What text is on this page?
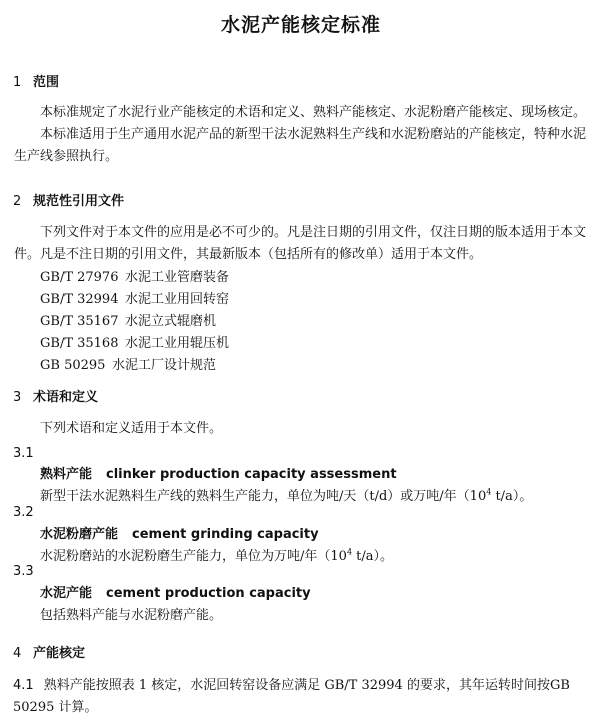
水泥产能核定标准
1 范围
本标准规定了水泥行业产能核定的术语和定义、熟料产能核定、水泥粉磨产能核定、现场核定。
本标准适用于生产通用水泥产品的新型干法水泥熟料生产线和水泥粉磨站的产能核定，特种水泥生产线参照执行。
2 规范性引用文件
下列文件对于本文件的应用是必不可少的。凡是注日期的引用文件，仅注日期的版本适用于本文件。凡是不注日期的引用文件，其最新版本（包括所有的修改单）适用于本文件。
GB/T 27976 水泥工业管磨装备
GB/T 32994 水泥工业用回转窑
GB/T 35167 水泥立式辊磨机
GB/T 35168 水泥工业用辊压机
GB 50295 水泥工厂设计规范
3 术语和定义
下列术语和定义适用于本文件。
3.1
熟料产能 clinker production capacity assessment
新型干法水泥熟料生产线的熟料生产能力，单位为吨/天（t/d）或万吨/年（$10^4$ t/a）。
3.2
水泥粉磨产能 cement grinding capacity
水泥粉磨站的水泥粉磨生产能力，单位为万吨/年（$10^4$ t/a）。
3.3
水泥产能 cement production capacity
包括熟料产能与水泥粉磨产能。
4 产能核定
4.1 熟料产能按照表 1 核定，水泥回转窑设备应满足 GB/T 32994 的要求，其年运转时间按GB 50295 计算。
